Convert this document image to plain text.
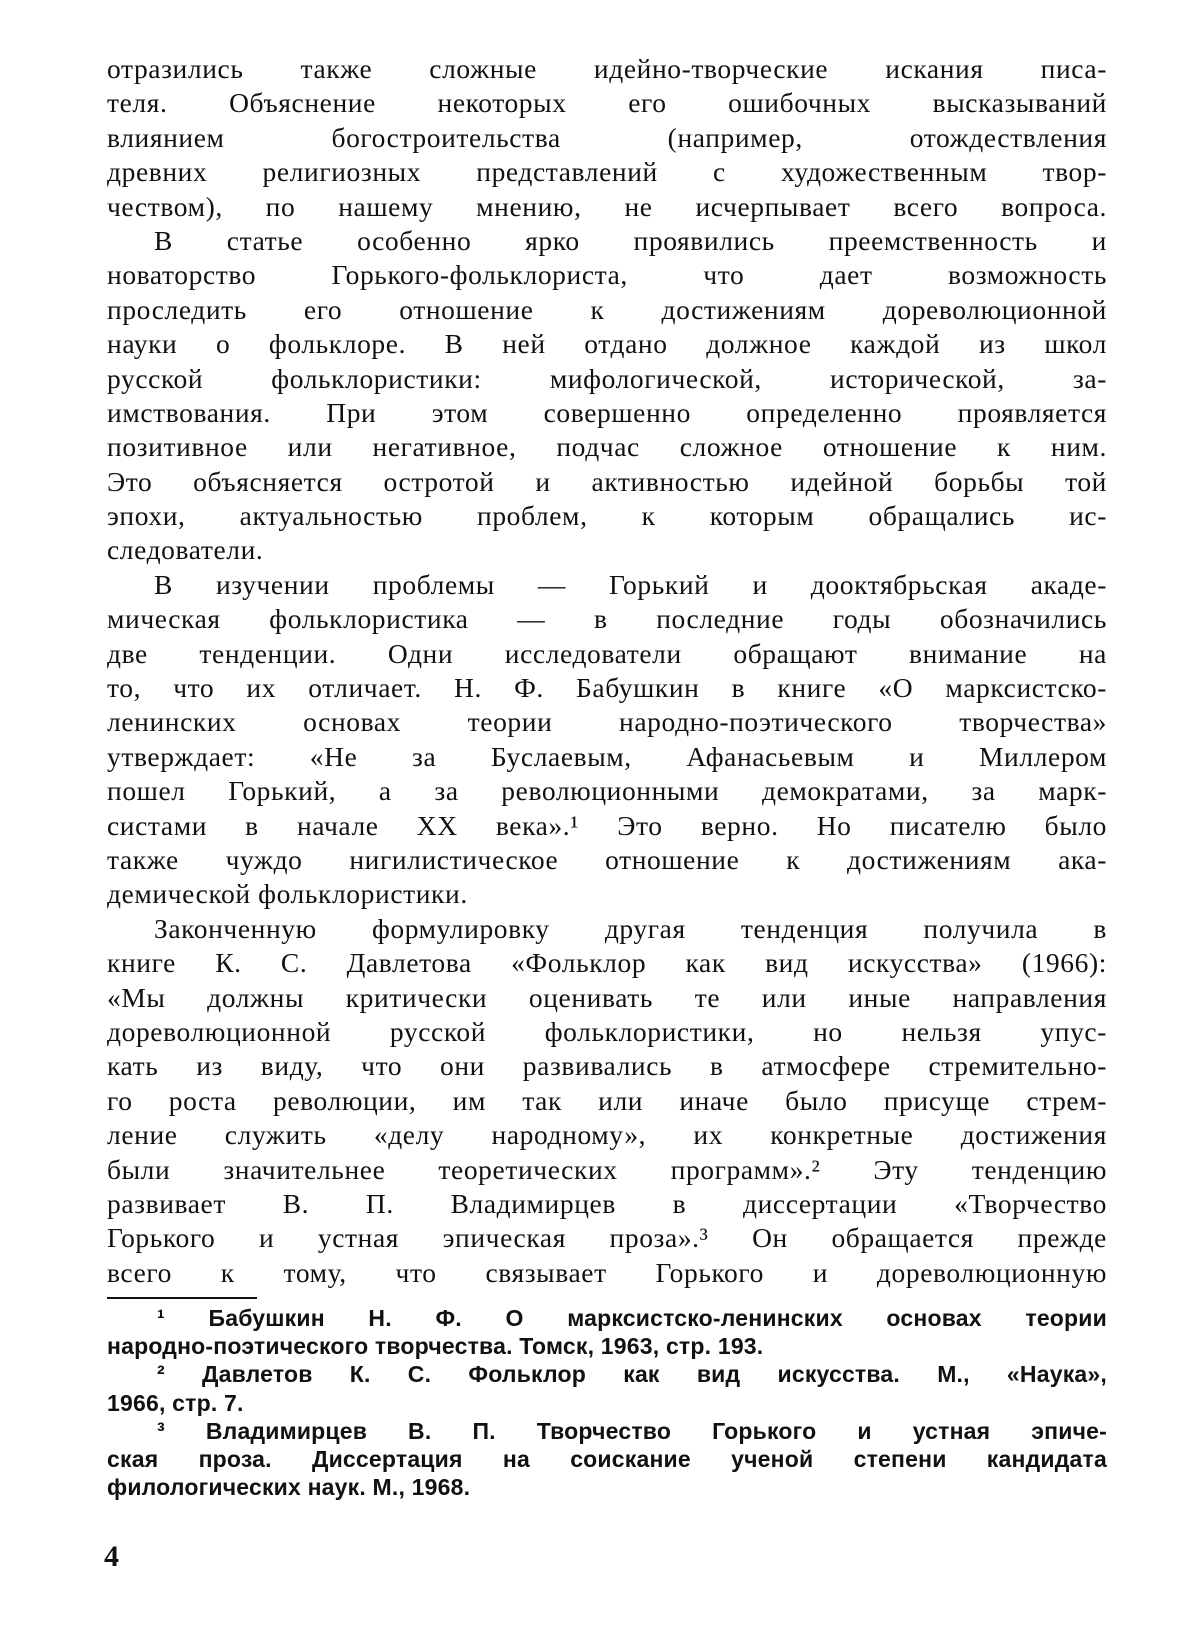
отразились также сложные идейно-творческие искания писа-
теля. Объяснение некоторых его ошибочных высказываний
влиянием богостроительства (например, отождествления
древних религиозных представлений с художественным твор-
чеством), по нашему мнению, не исчерпывает всего вопроса.
В статье особенно ярко проявились преемственность и
новаторство Горького-фольклориста, что дает возможность
проследить его отношение к достижениям дореволюционной
науки о фольклоре. В ней отдано должное каждой из школ
русской фольклористики: мифологической, исторической, за-
имствования. При этом совершенно определенно проявляется
позитивное или негативное, подчас сложное отношение к ним.
Это объясняется остротой и активностью идейной борьбы той
эпохи, актуальностью проблем, к которым обращались ис-
следователи.
В изучении проблемы — Горький и дооктябрьская акаде-
мическая фольклористика — в последние годы обозначились
две тенденции. Одни исследователи обращают внимание на
то, что их отличает. Н. Ф. Бабушкин в книге «О марксистско-
ленинских основах теории народно-поэтического творчества»
утверждает: «Не за Буслаевым, Афанасьевым и Миллером
пошел Горький, а за революционными демократами, за марк-
систами в начале XX века».¹ Это верно. Но писателю было
также чуждо нигилистическое отношение к достижениям ака-
демической фольклористики.
Законченную формулировку другая тенденция получила в
книге К. С. Давлетова «Фольклор как вид искусства» (1966):
«Мы должны критически оценивать те или иные направления
дореволюционной русской фольклористики, но нельзя упус-
кать из виду, что они развивались в атмосфере стремительно-
го роста революции, им так или иначе было присуще стрем-
ление служить «делу народному», их конкретные достижения
были значительнее теоретических программ».² Эту тенденцию
развивает В. П. Владимирцев в диссертации «Творчество
Горького и устная эпическая проза».³ Он обращается прежде
всего к тому, что связывает Горького и дореволюционную
¹ Бабушкин Н. Ф. О марксистско-ленинских основах теории
народно-поэтического творчества. Томск, 1963, стр. 193.
² Давлетов К. С. Фольклор как вид искусства. М., «Наука»,
1966, стр. 7.
³ Владимирцев В. П. Творчество Горького и устная эпиче-
ская проза. Диссертация на соискание ученой степени кандидата
филологических наук. М., 1968.
4
